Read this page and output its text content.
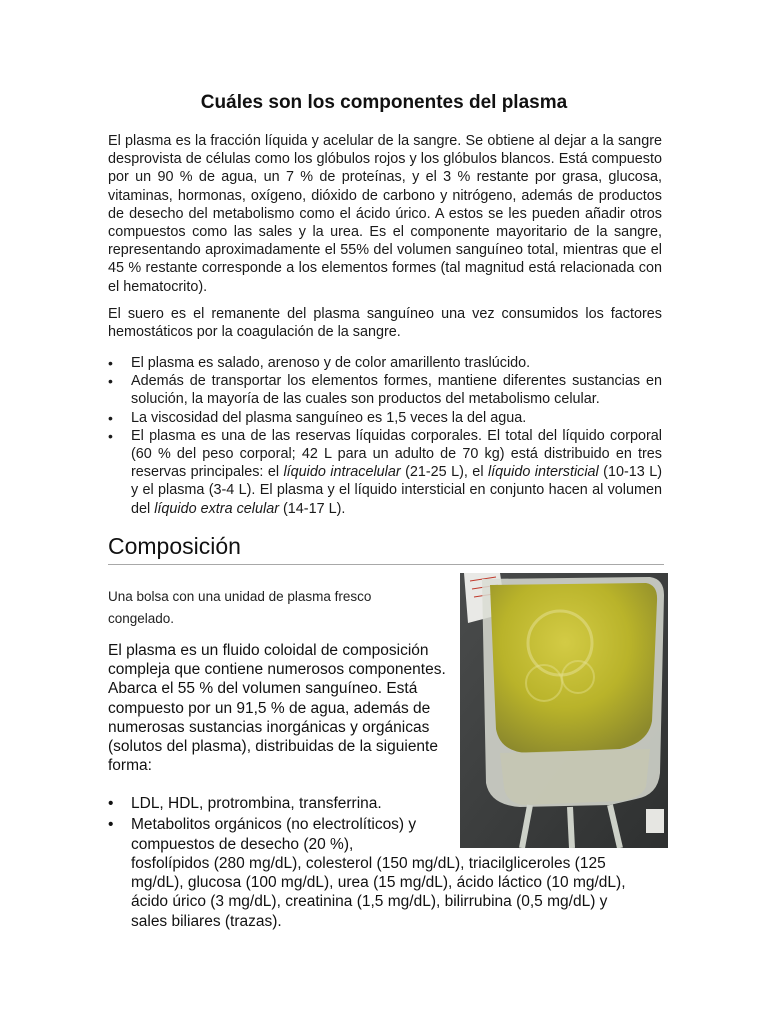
Cuáles son los componentes del plasma

El plasma es la fracción líquida y acelular de la sangre. Se obtiene al dejar a la sangre desprovista de células como los glóbulos rojos y los glóbulos blancos. Está compuesto por un 90 % de agua, un 7 % de proteínas, y el 3 % restante por grasa, glucosa, vitaminas, hormonas, oxígeno, dióxido de carbono y nitrógeno, además de productos de desecho del metabolismo como el ácido úrico. A estos se les pueden añadir otros compuestos como las sales y la urea. Es el componente mayoritario de la sangre, representando aproximadamente el 55% del volumen sanguíneo total, mientras que el 45 % restante corresponde a los elementos formes (tal magnitud está relacionada con el hematocrito).

El suero es el remanente del plasma sanguíneo una vez consumidos los factores hemostáticos por la coagulación de la sangre.

• El plasma es salado, arenoso y de color amarillento traslúcido.
• Además de transportar los elementos formes, mantiene diferentes sustancias en solución, la mayoría de las cuales son productos del metabolismo celular.
• La viscosidad del plasma sanguíneo es 1,5 veces la del agua.
• El plasma es una de las reservas líquidas corporales. El total del líquido corporal (60 % del peso corporal; 42 L para un adulto de 70 kg) está distribuido en tres reservas principales: el líquido intracelular (21-25 L), el líquido intersticial (10-13 L) y el plasma (3-4 L). El plasma y el líquido intersticial en conjunto hacen al volumen del líquido extra celular (14-17 L).
Composición
Una bolsa con una unidad de plasma fresco congelado.
El plasma es un fluido coloidal de composición compleja que contiene numerosos componentes. Abarca el 55 % del volumen sanguíneo. Está compuesto por un 91,5 % de agua, además de numerosas sustancias inorgánicas y orgánicas (solutos del plasma), distribuidas de la siguiente forma:
• LDL, HDL, protrombina, transferrina.
• Metabolitos orgánicos (no electrolíticos) y compuestos de desecho (20 %),
fosfolípidos (280 mg/dL), colesterol (150 mg/dL), triacilgliceroles (125 mg/dL), glucosa (100 mg/dL), urea (15 mg/dL), ácido láctico (10 mg/dL), ácido úrico (3 mg/dL), creatinina (1,5 mg/dL), bilirrubina (0,5 mg/dL) y sales biliares (trazas).
